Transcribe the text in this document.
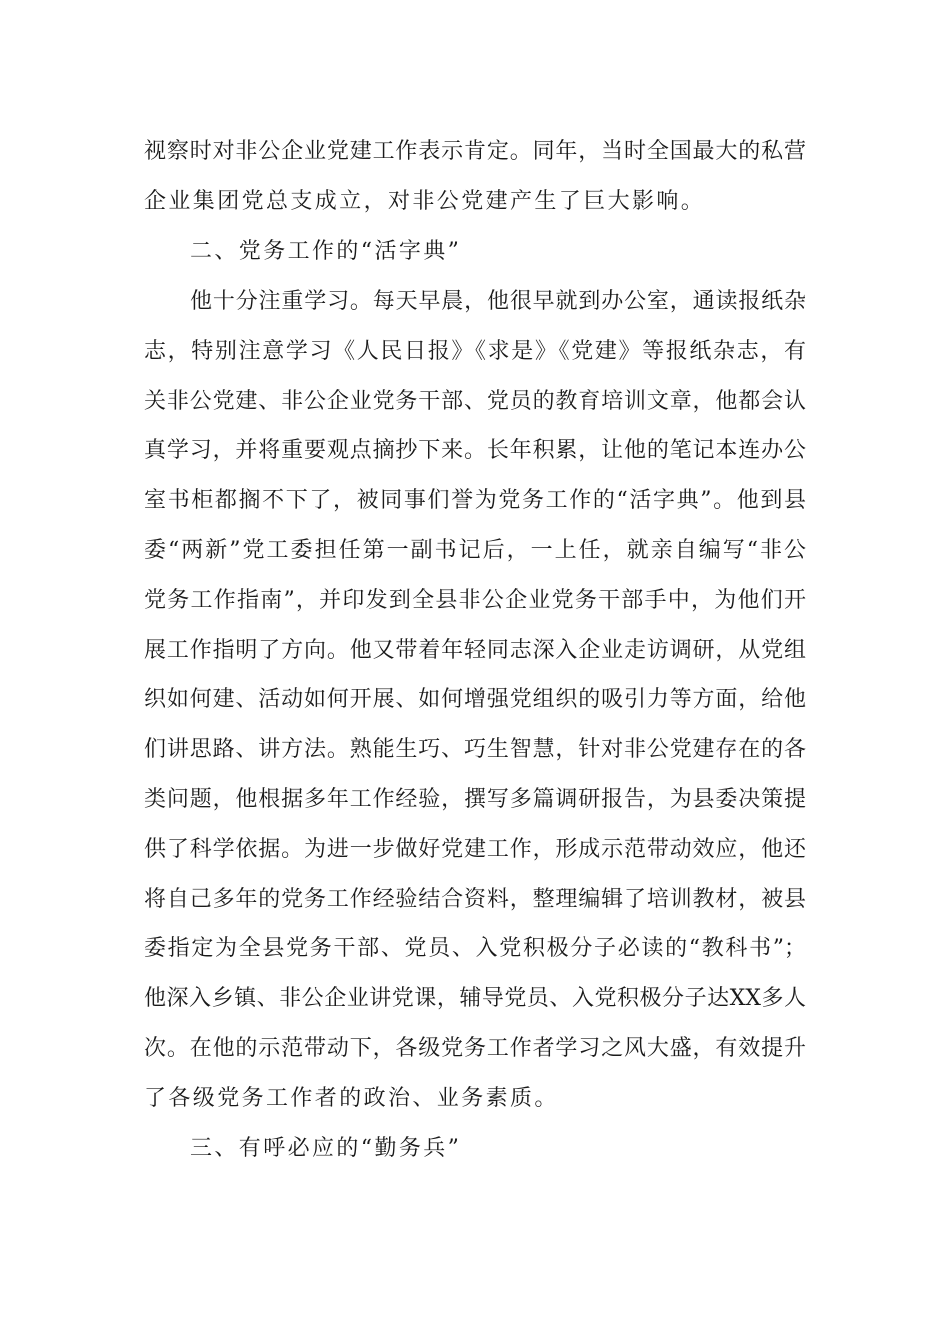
视察时对非公企业党建工作表示肯定。同年，当时全国最大的私营
企业集团党总支成立，对非公党建产生了巨大影响。
二、党务工作的“活字典”
他十分注重学习。每天早晨，他很早就到办公室，通读报纸杂
志，特别注意学习《人民日报》《求是》《党建》等报纸杂志，有
关非公党建、非公企业党务干部、党员的教育培训文章，他都会认
真学习，并将重要观点摘抄下来。长年积累，让他的笔记本连办公
室书柜都搁不下了，被同事们誉为党务工作的“活字典”。他到县
委“两新”党工委担任第一副书记后，一上任，就亲自编写“非公
党务工作指南”，并印发到全县非公企业党务干部手中，为他们开
展工作指明了方向。他又带着年轻同志深入企业走访调研，从党组
织如何建、活动如何开展、如何增强党组织的吸引力等方面，给他
们讲思路、讲方法。熟能生巧、巧生智慧，针对非公党建存在的各
类问题，他根据多年工作经验，撰写多篇调研报告，为县委决策提
供了科学依据。为进一步做好党建工作，形成示范带动效应，他还
将自己多年的党务工作经验结合资料，整理编辑了培训教材，被县
委指定为全县党务干部、党员、入党积极分子必读的“教科书”；
他深入乡镇、非公企业讲党课，辅导党员、入党积极分子达XX多人
次。在他的示范带动下，各级党务工作者学习之风大盛，有效提升
了各级党务工作者的政治、业务素质。
三、有呼必应的“勤务兵”
